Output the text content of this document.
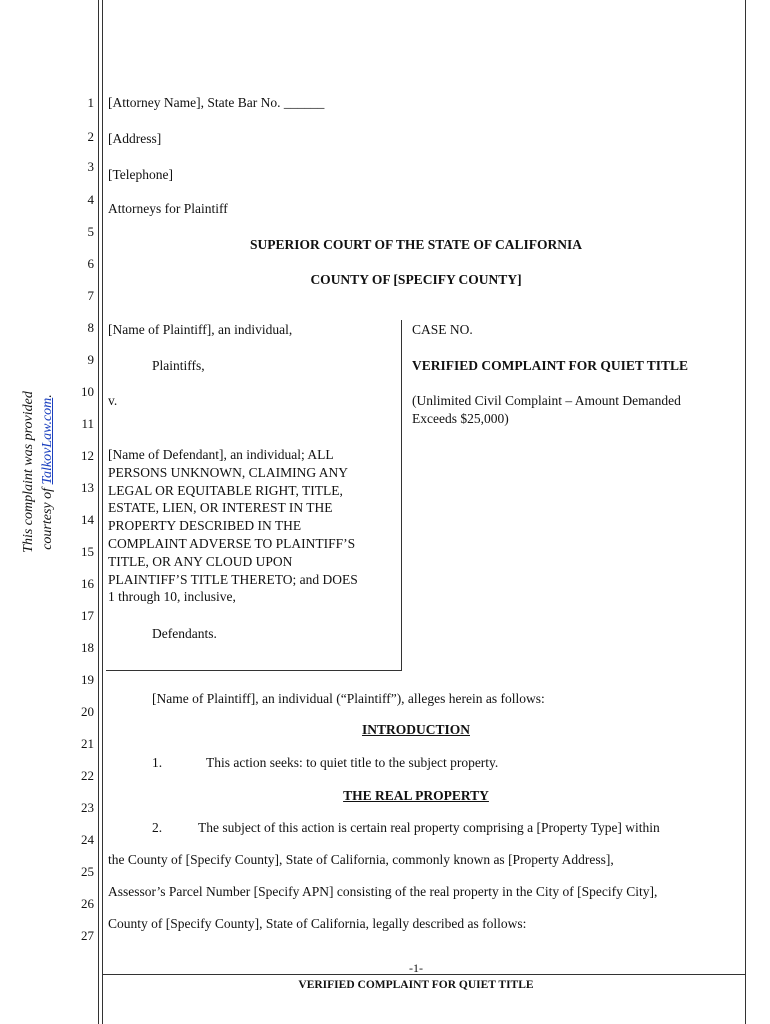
This complaint was provided courtesy of TalkovLaw.com.
1
2
3
4
5
6
7
8
9
10
11
12
13
14
15
16
17
18
19
20
21
22
23
24
25
26
27
[Attorney Name], State Bar No. ______
[Address]
[Telephone]
Attorneys for Plaintiff
SUPERIOR COURT OF THE STATE OF CALIFORNIA
COUNTY OF [SPECIFY COUNTY]
[Name of Plaintiff], an individual,
Plaintiffs,
v.
[Name of Defendant], an individual; ALL
PERSONS UNKNOWN, CLAIMING ANY
LEGAL OR EQUITABLE RIGHT, TITLE,
ESTATE, LIEN, OR INTEREST IN THE
PROPERTY DESCRIBED IN THE
COMPLAINT ADVERSE TO PLAINTIFF’S
TITLE, OR ANY CLOUD UPON
PLAINTIFF’S TITLE THERETO; and DOES
1 through 10, inclusive,
Defendants.
CASE NO.
VERIFIED COMPLAINT FOR QUIET TITLE
(Unlimited Civil Complaint – Amount Demanded
Exceeds $25,000)
[Name of Plaintiff], an individual (“Plaintiff”), alleges herein as follows:
INTRODUCTION
1.	This action seeks: to quiet title to the subject property.
THE REAL PROPERTY
2.	The subject of this action is certain real property comprising a [Property Type] within
the County of [Specify County], State of California, commonly known as [Property Address],
Assessor’s Parcel Number [Specify APN] consisting of the real property in the City of [Specify City],
County of [Specify County], State of California, legally described as follows:
-1-
VERIFIED COMPLAINT FOR QUIET TITLE
